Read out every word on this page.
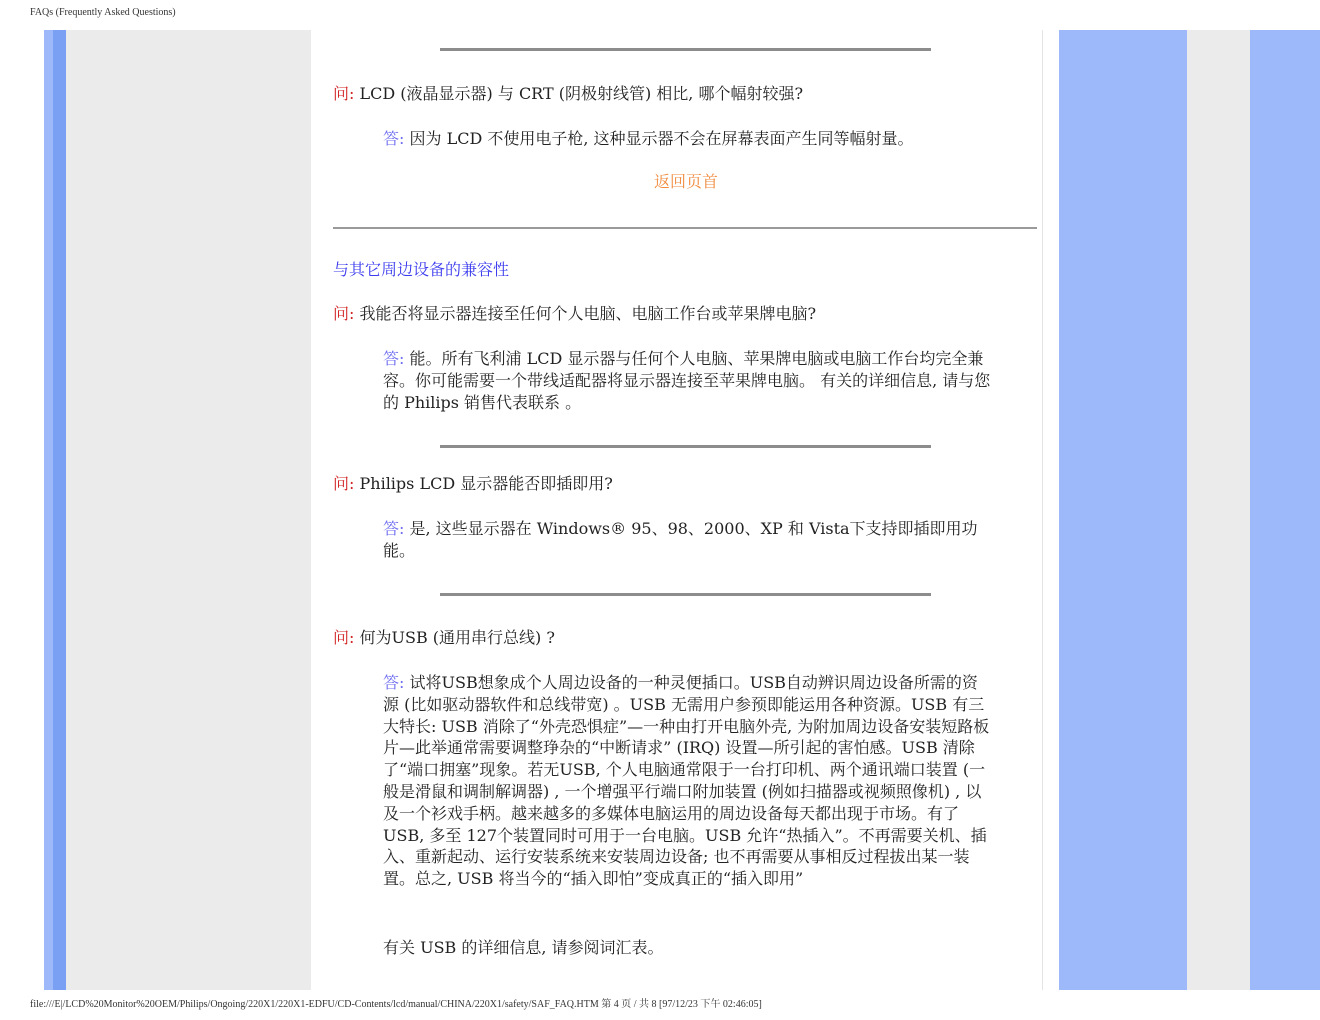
FAQs (Frequently Asked Questions)
问: LCD (液晶显示器) 与 CRT (阴极射线管) 相比, 哪个幅射较强?
答: 因为 LCD 不使用电子枪, 这种显示器不会在屏幕表面产生同等幅射量。
返回页首
与其它周边设备的兼容性
问: 我能否将显示器连接至任何个人电脑、电脑工作台或苹果牌电脑?
答: 能。所有飞利浦 LCD 显示器与任何个人电脑、苹果牌电脑或电脑工作台均完全兼容。你可能需要一个带线适配器将显示器连接至苹果牌电脑。 有关的详细信息, 请与您的 Philips 销售代表联系 。
问: Philips LCD 显示器能否即插即用?
答: 是, 这些显示器在 Windows® 95、98、2000、XP 和 Vista下支持即插即用功能。
问: 何为USB (通用串行总线) ?
答: 试将USB想象成个人周边设备的一种灵便插口。USB自动辨识周边设备所需的资源 (比如驱动器软件和总线带宽) 。USB 无需用户参预即能运用各种资源。USB 有三大特长: USB 消除了“外壳恐惧症”—一种由打开电脑外壳, 为附加周边设备安装短路板片—此举通常需要调整琤杂的“中断请求” (IRQ) 设置—所引起的害怕感。USB 清除了“端口拥塞”现象。若无USB, 个人电脑通常限于一台打印机、两个通讯端口装置 (一般是滑鼠和调制解调器) , 一个增强平行端口附加装置 (例如扫描器或视频照像机) , 以及一个衫戏手柄。越来越多的多媒体电脑运用的周边设备每天都出现于市场。有了 USB, 多至 127个装置同时可用于一台电脑。USB 允许“热插入”。不再需要关机、插入、重新起动、运行安装系统来安装周边设备; 也不再需要从事相反过程拔出某一装置。总之, USB 将当今的“插入即怕”变成真正的“插入即用”
有关 USB 的详细信息, 请参阅词汇表。
file:///E|/LCD%20Monitor%20OEM/Philips/Ongoing/220X1/220X1-EDFU/CD-Contents/lcd/manual/CHINA/220X1/safety/SAF_FAQ.HTM 第 4 页 / 共 8 [97/12/23 下午 02:46:05]
